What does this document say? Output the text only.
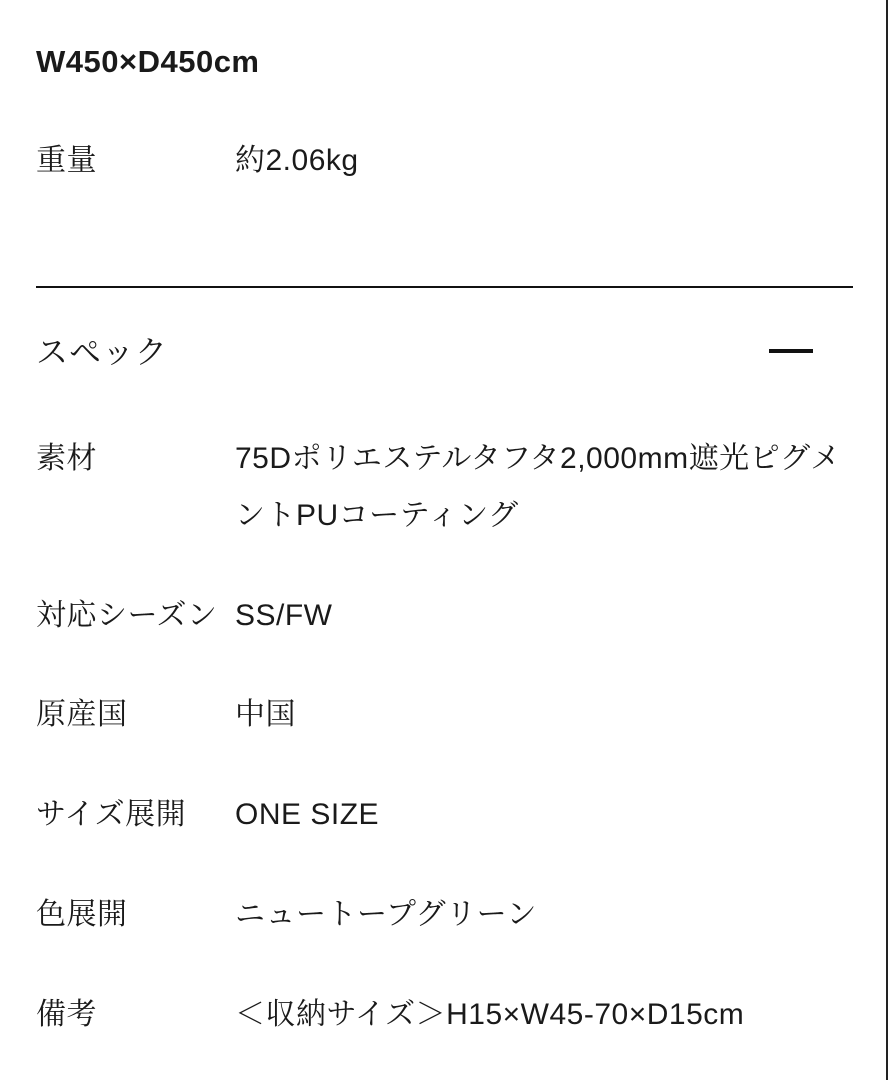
W450×D450cm
重量	約2.06kg
スペック
素材	75Dポリエステルタフタ2,000mm遮光ピグメントPUコーティング
対応シーズン SS/FW
原産国	中国
サイズ展開	ONE SIZE
色展開	ニュートープグリーン
備考	＜収納サイズ＞H15×W45-70×D15cm
